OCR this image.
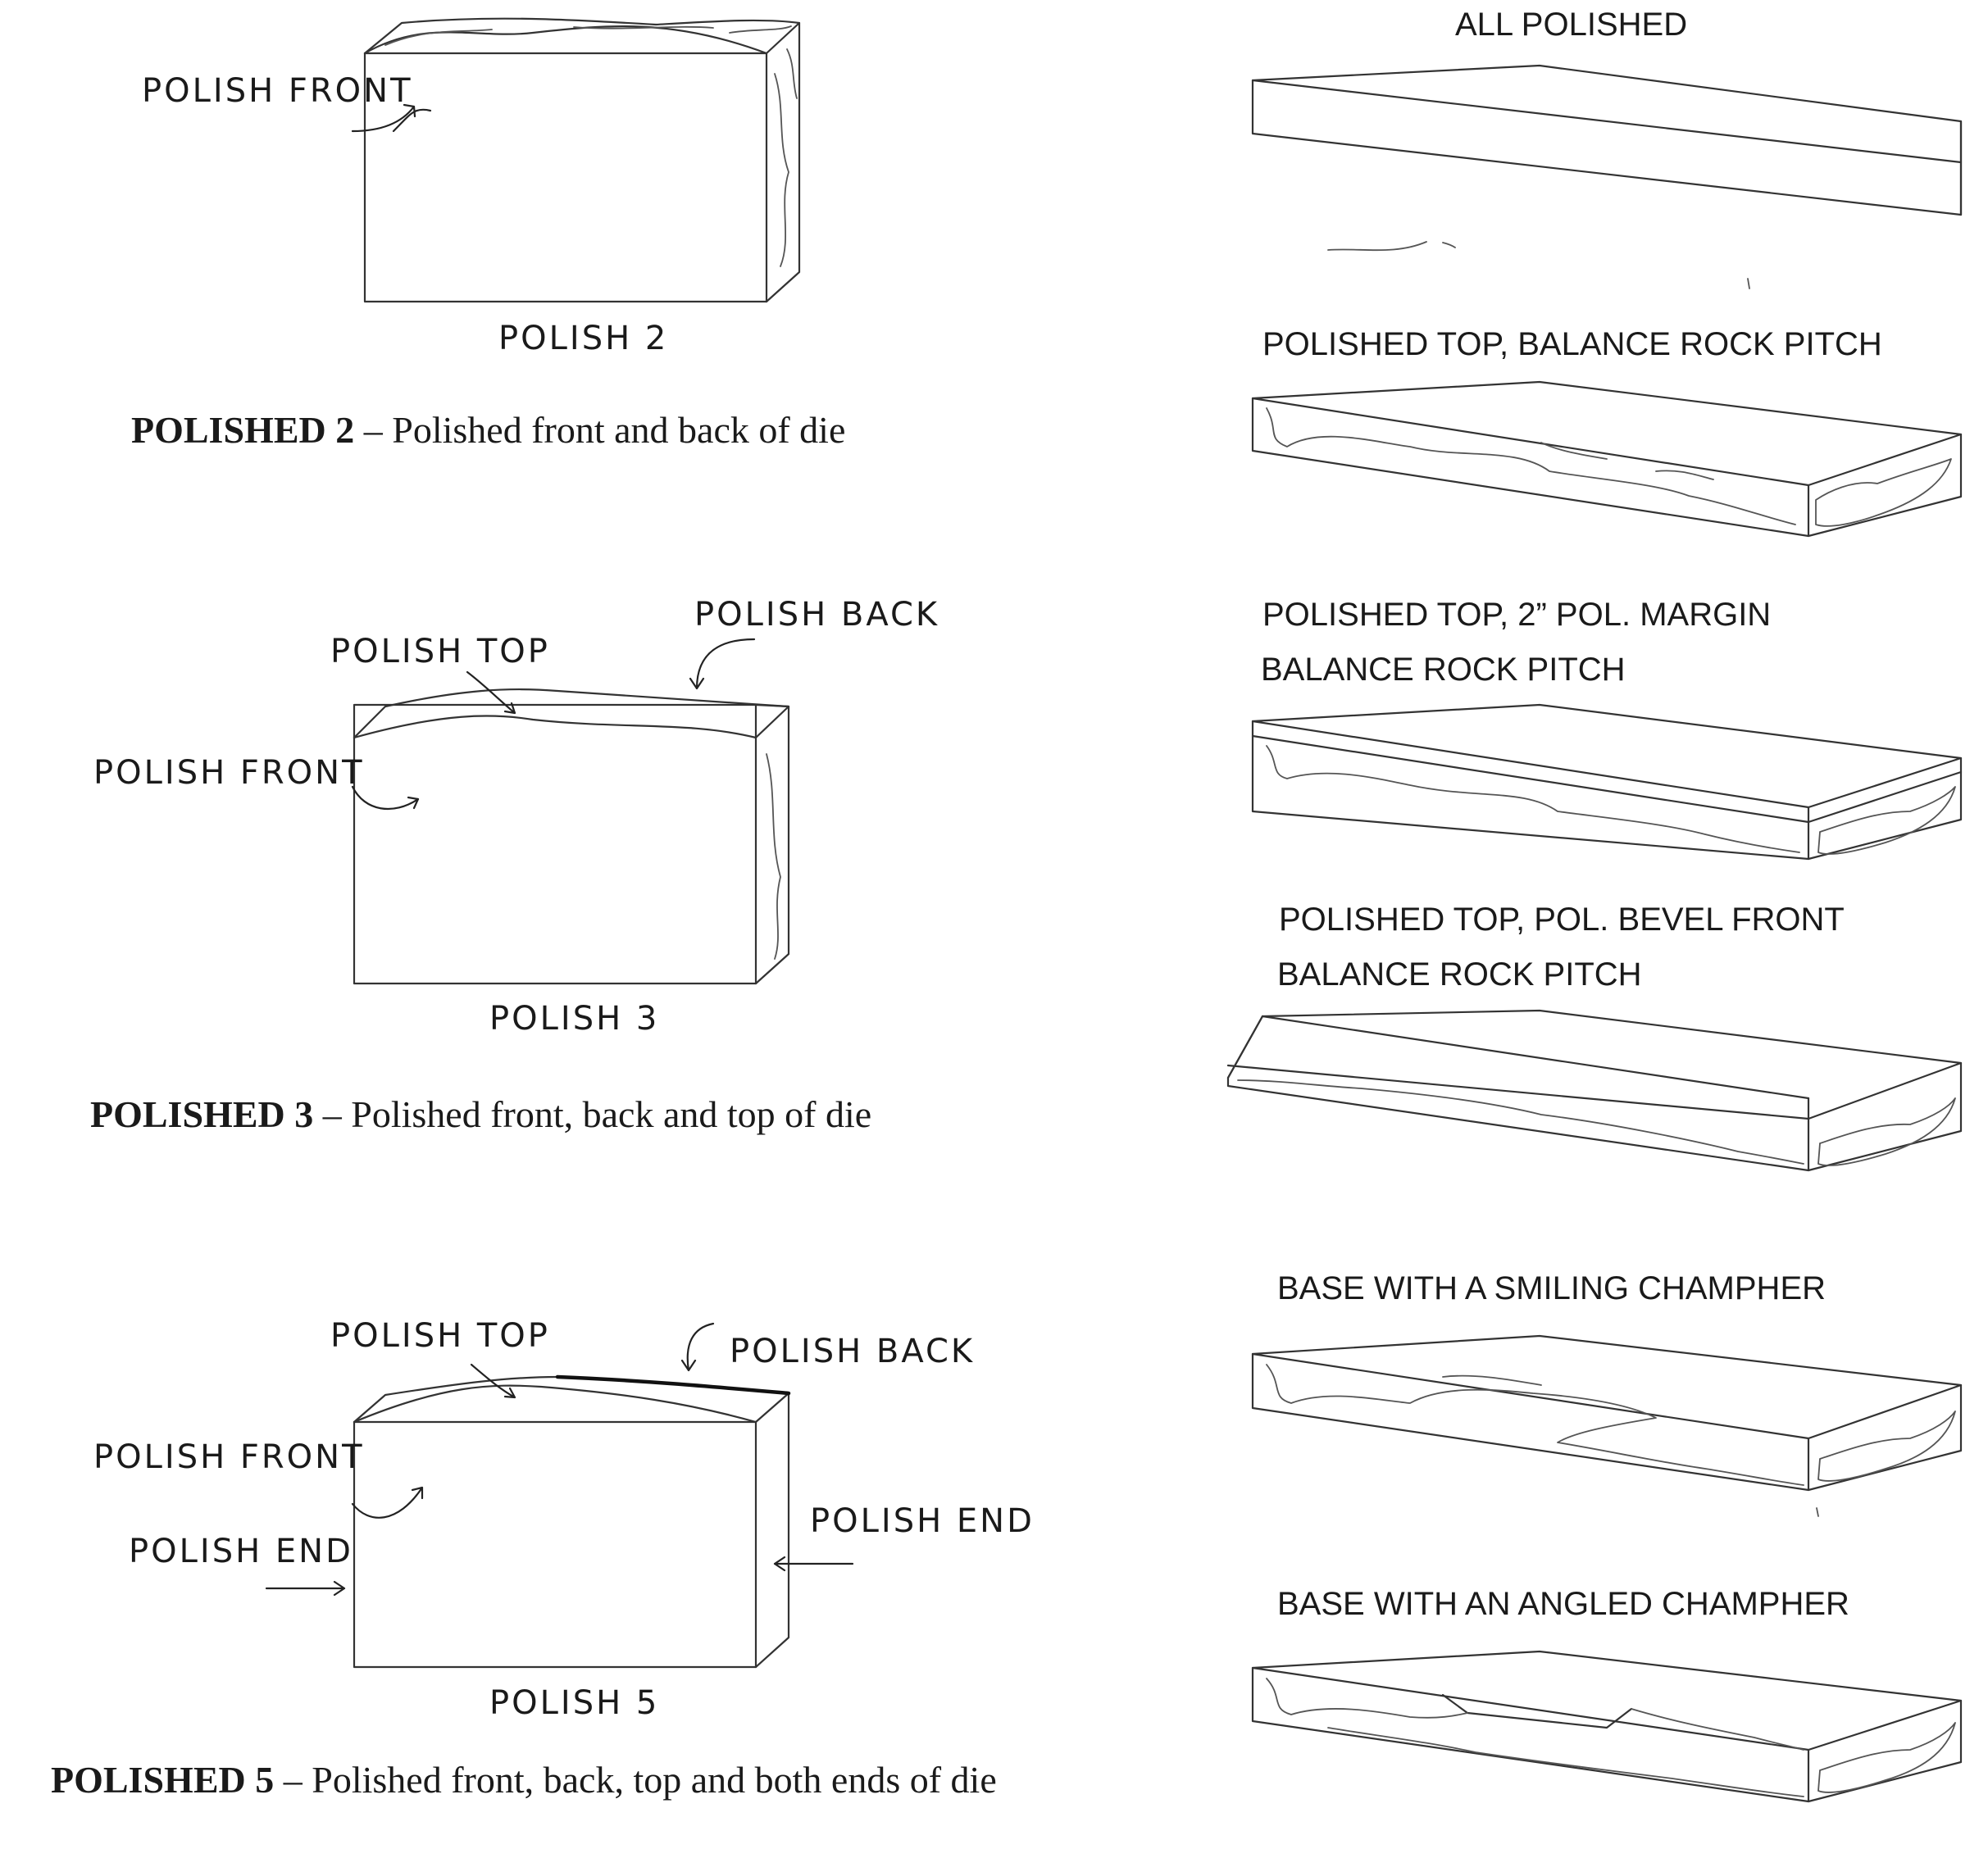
POLISH FRONT
POLISH 2
POLISHED 2 – Polished front and back of die
POLISH BACK
POLISH TOP
POLISH FRONT
POLISH 3
POLISHED 3 – Polished front, back and top of die
POLISH TOP	POLISH BACK
POLISH FRONT
POLISH END
POLISH END
POLISH 5
POLISHED 5 – Polished front, back, top and both ends of die
ALL POLISHED
POLISHED TOP, BALANCE ROCK PITCH
POLISHED TOP, 2” POL. MARGIN
BALANCE ROCK PITCH
POLISHED TOP, POL. BEVEL FRONT
BALANCE ROCK PITCH
BASE WITH A SMILING CHAMPHER
BASE WITH AN ANGLED CHAMPHER
